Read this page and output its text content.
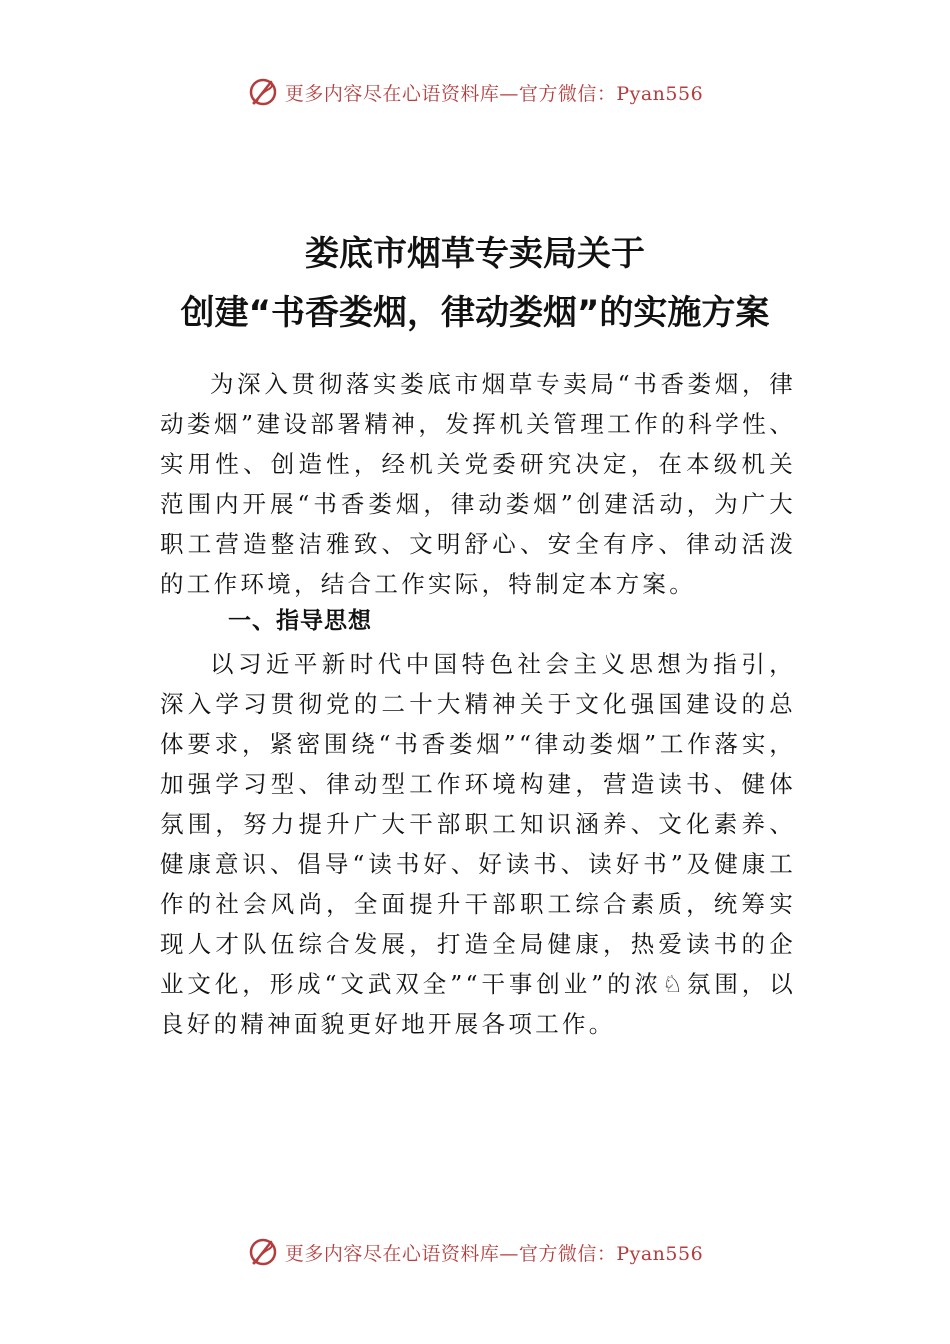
更多内容尽在心语资料库—官方微信：Pyan556
娄底市烟草专卖局关于
创建“书香娄烟，律动娄烟”的实施方案

为深入贯彻落实娄底市烟草专卖局“书香娄烟，律动娄烟”建设部署精神，发挥机关管理工作的科学性、实用性、创造性，经机关党委研究决定，在本级机关范围内开展“书香娄烟，律动娄烟”创建活动，为广大职工营造整洁雅致、文明舒心、安全有序、律动活泼的工作环境，结合工作实际，特制定本方案。

一、指导思想

以习近平新时代中国特色社会主义思想为指引，深入学习贯彻党的二十大精神关于文化强国建设的总体要求，紧密围绕“书香娄烟”“律动娄烟”工作落实，加强学习型、律动型工作环境构建，营造读书、健体氛围，努力提升广大干部职工知识涵养、文化素养、健康意识、倡导“读书好、好读书、读好书”及健康工作的社会风尚，全面提升干部职工综合素质，统筹实现人才队伍综合发展，打造全局健康，热爱读书的企业文化，形成“文武双全”“干事创业”的浓♘氛围，以良好的精神面貌更好地开展各项工作。

更多内容尽在心语资料库—官方微信：Pyan556
